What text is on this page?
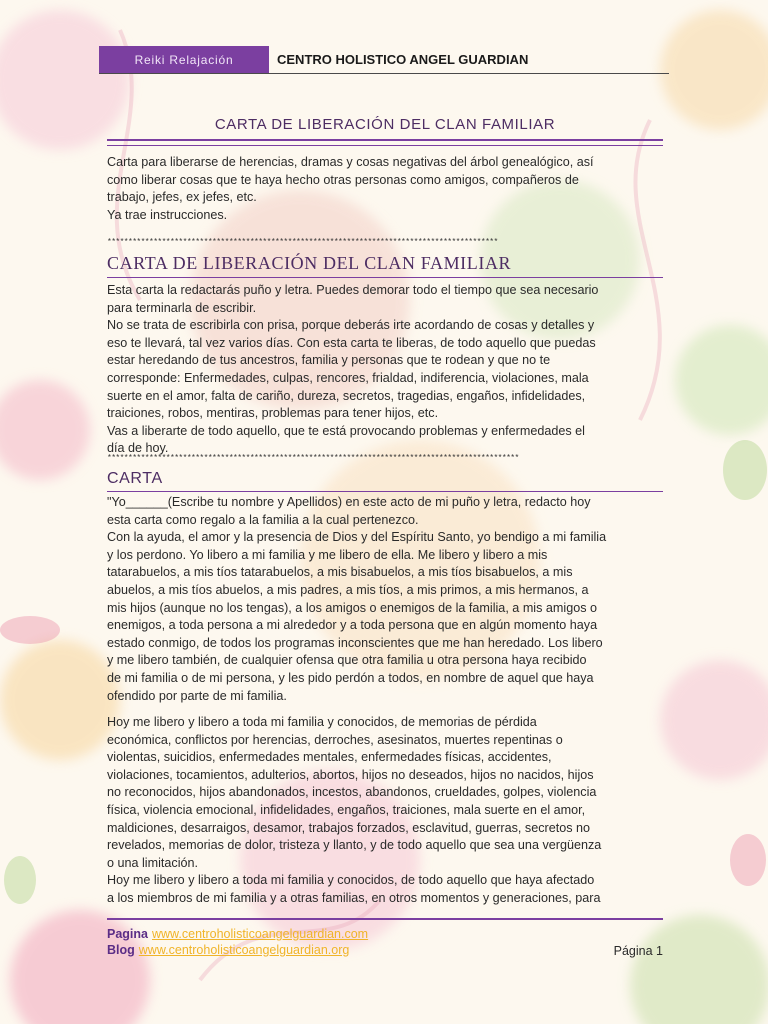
Reiki Relajación	CENTRO HOLISTICO ANGEL GUARDIAN
CARTA DE LIBERACIÓN DEL CLAN FAMILIAR
Carta para liberarse de herencias, dramas y cosas negativas del árbol genealógico, así
como liberar cosas que te haya hecho otras personas como amigos, compañeros de
trabajo, jefes, ex jefes, etc.
Ya trae instrucciones.
*********************************************************************************************
CARTA DE LIBERACIÓN DEL CLAN FAMILIAR
Esta carta la redactarás puño y letra. Puedes demorar todo el tiempo que sea necesario
para terminarla de escribir.
No se trata de escribirla con prisa, porque deberás irte acordando de cosas y detalles y
eso te llevará, tal vez varios días. Con esta carta te liberas, de todo aquello que puedas
estar heredando de tus ancestros, familia y personas que te rodean y que no te
corresponde: Enfermedades, culpas, rencores, frialdad, indiferencia, violaciones, mala
suerte en el amor, falta de cariño, dureza, secretos, tragedias, engaños, infidelidades,
traiciones, robos, mentiras, problemas para tener hijos, etc.
Vas a liberarte de todo aquello, que te está provocando problemas y enfermedades el
día de hoy.
**************************************************************************************************
CARTA
"Yo______(Escribe tu nombre y Apellidos) en este acto de mi puño y letra, redacto hoy
esta carta como regalo a la familia a la cual pertenezco.
Con la ayuda, el amor y la presencia de Dios y del Espíritu Santo, yo bendigo a mi familia
y los perdono. Yo libero a mi familia y me libero de ella. Me libero y libero a mis
tatarabuelos, a mis tíos tatarabuelos, a mis bisabuelos, a mis tíos bisabuelos, a mis
abuelos, a mis tíos abuelos, a mis padres, a mis tíos, a mis primos, a mis hermanos, a
mis hijos (aunque no los tengas), a los amigos o enemigos de la familia, a mis amigos o
enemigos, a toda persona a mi alrededor y a toda persona que en algún momento haya
estado conmigo, de todos los programas inconscientes que me han heredado. Los libero
y me libero también, de cualquier ofensa que otra familia u otra persona haya recibido
de mi familia o de mi persona, y les pido perdón a todos, en nombre de aquel que haya
ofendido por parte de mi familia.
Hoy me libero y libero a toda mi familia y conocidos, de memorias de pérdida
económica, conflictos por herencias, derroches, asesinatos, muertes repentinas o
violentas, suicidios, enfermedades mentales, enfermedades físicas, accidentes,
violaciones, tocamientos, adulterios, abortos, hijos no deseados, hijos no nacidos, hijos
no reconocidos, hijos abandonados, incestos, abandonos, crueldades, golpes, violencia
física, violencia emocional, infidelidades, engaños, traiciones, mala suerte en el amor,
maldiciones, desarraigos, desamor, trabajos forzados, esclavitud, guerras, secretos no
revelados, memorias de dolor, tristeza y llanto, y de todo aquello que sea una vergüenza
o una limitación.
Hoy me libero y libero a toda mi familia y conocidos, de todo aquello que haya afectado
a los miembros de mi familia y a otras familias, en otros momentos y generaciones, para
Pagina www.centroholisticoangelguardian.com
Blog www.centroholisticoangelguardian.org	Página 1
